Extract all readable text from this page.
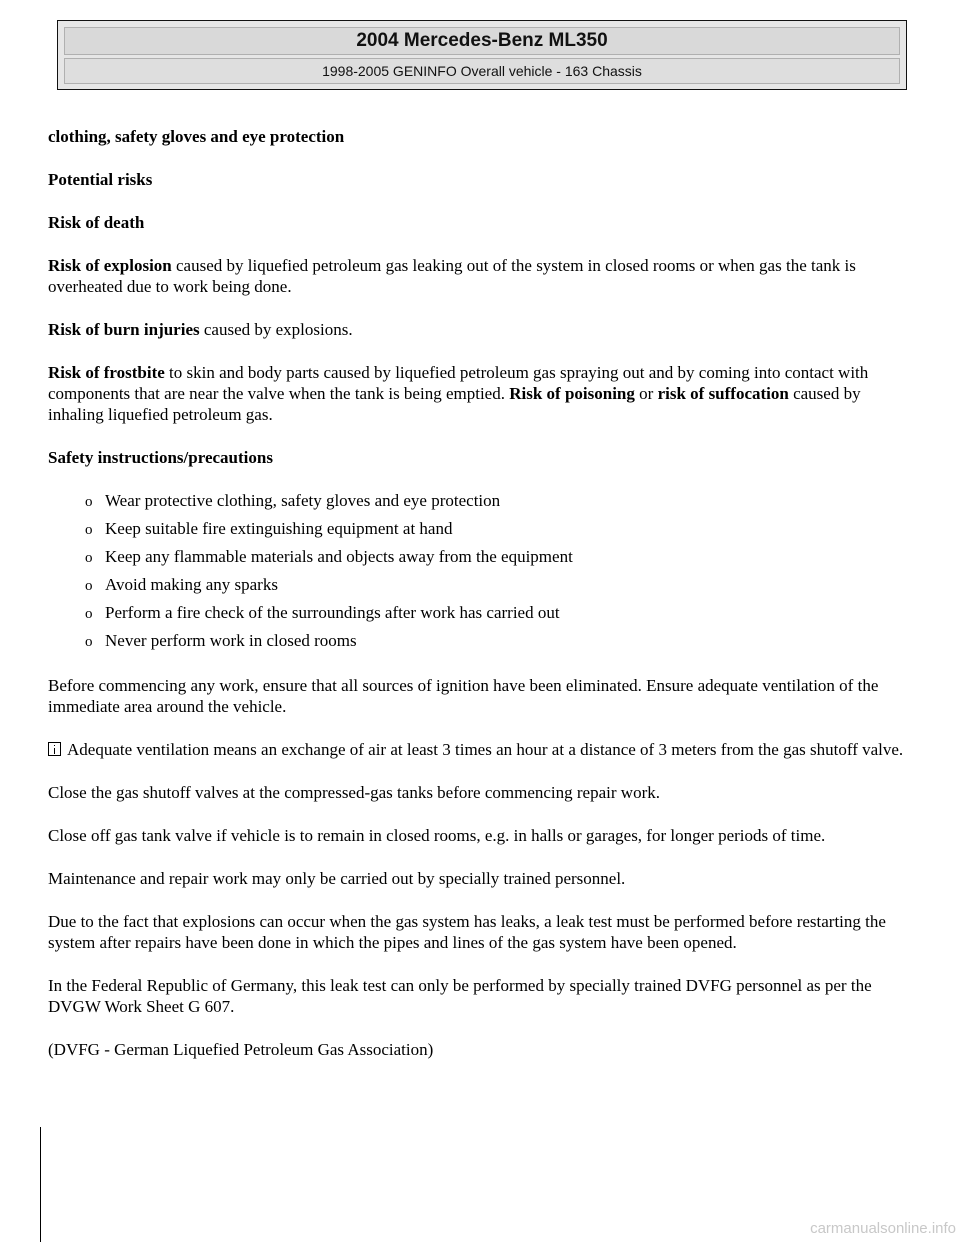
2004 Mercedes-Benz ML350
1998-2005 GENINFO Overall vehicle - 163 Chassis

clothing, safety gloves and eye protection

Potential risks

Risk of death

Risk of explosion caused by liquefied petroleum gas leaking out of the system in closed rooms or when gas the tank is overheated due to work being done.

Risk of burn injuries caused by explosions.

Risk of frostbite to skin and body parts caused by liquefied petroleum gas spraying out and by coming into contact with components that are near the valve when the tank is being emptied. Risk of poisoning or risk of suffocation caused by inhaling liquefied petroleum gas.

Safety instructions/precautions

o Wear protective clothing, safety gloves and eye protection
o Keep suitable fire extinguishing equipment at hand
o Keep any flammable materials and objects away from the equipment
o Avoid making any sparks
o Perform a fire check of the surroundings after work has carried out
o Never perform work in closed rooms

Before commencing any work, ensure that all sources of ignition have been eliminated. Ensure adequate ventilation of the immediate area around the vehicle.

Adequate ventilation means an exchange of air at least 3 times an hour at a distance of 3 meters from the gas shutoff valve.

Close the gas shutoff valves at the compressed-gas tanks before commencing repair work.

Close off gas tank valve if vehicle is to remain in closed rooms, e.g. in halls or garages, for longer periods of time.

Maintenance and repair work may only be carried out by specially trained personnel.

Due to the fact that explosions can occur when the gas system has leaks, a leak test must be performed before restarting the system after repairs have been done in which the pipes and lines of the gas system have been opened.

In the Federal Republic of Germany, this leak test can only be performed by specially trained DVFG personnel as per the DVGW Work Sheet G 607.

(DVFG - German Liquefied Petroleum Gas Association)

carmanualsonline.info
